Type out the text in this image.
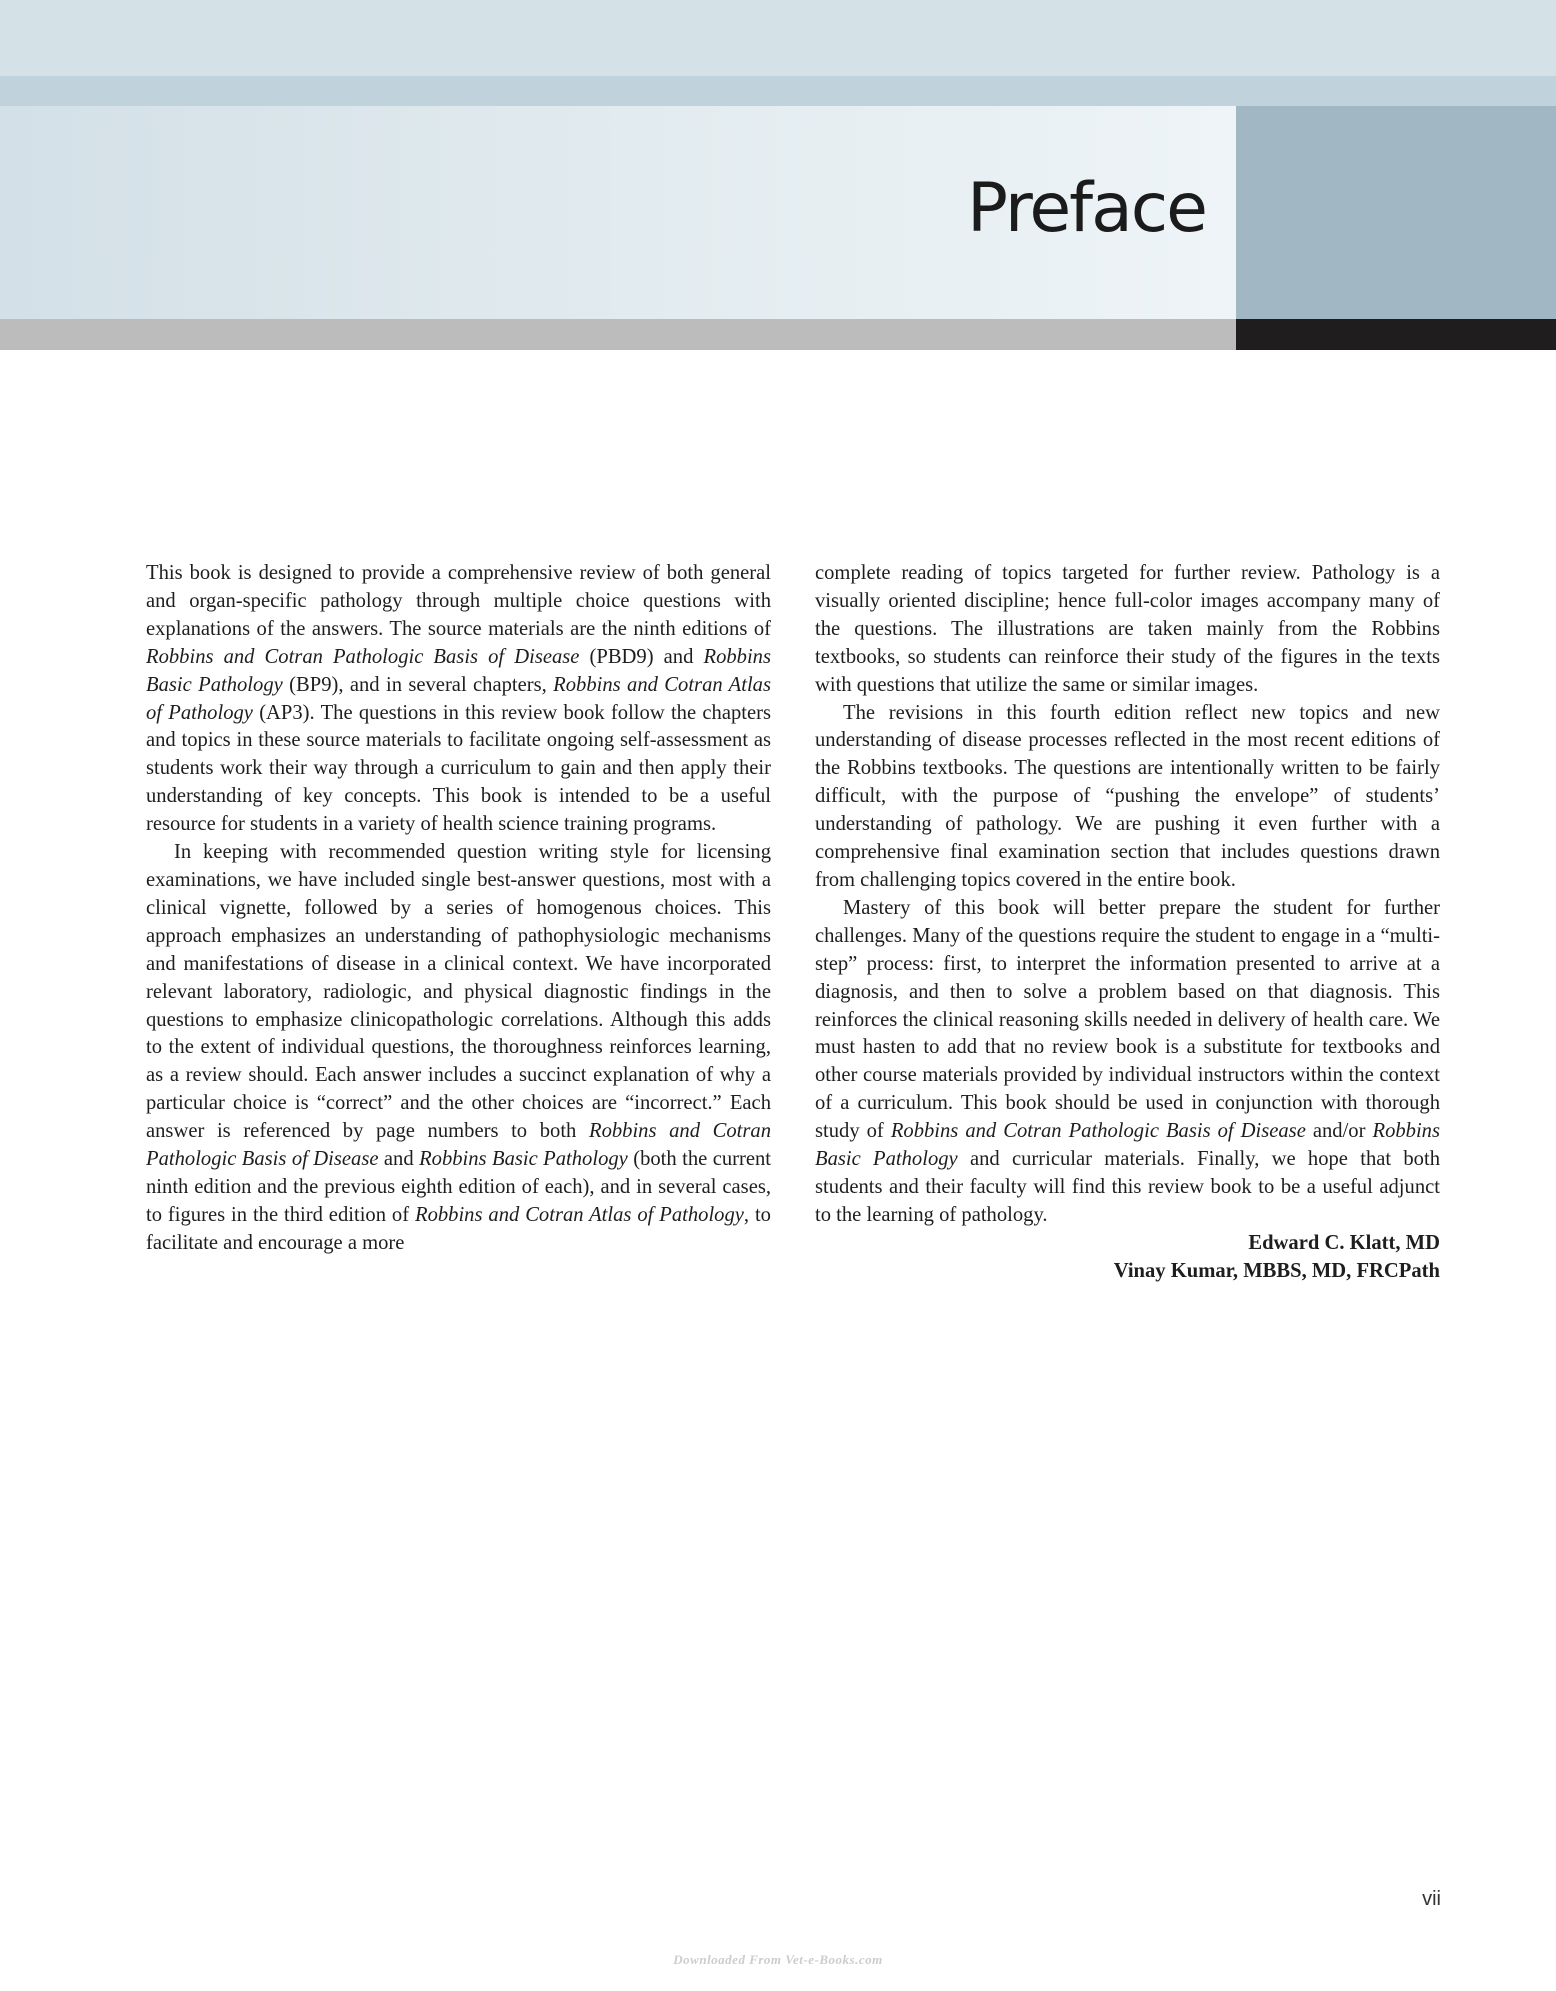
Preface

This book is designed to provide a comprehensive review of both general and organ-specific pathology through multiple choice questions with explanations of the answers. The source materials are the ninth editions of Robbins and Cotran Pathologic Basis of Disease (PBD9) and Robbins Basic Pathology (BP9), and in several chapters, Robbins and Cotran Atlas of Pathology (AP3). The questions in this review book follow the chapters and topics in these source materials to facilitate ongoing self-assessment as students work their way through a curriculum to gain and then apply their understanding of key concepts. This book is intended to be a useful resource for students in a variety of health science training programs.

In keeping with recommended question writing style for licensing examinations, we have included single best-answer questions, most with a clinical vignette, followed by a series of homogenous choices. This approach emphasizes an understanding of pathophysiologic mechanisms and manifestations of disease in a clinical context. We have incorporated relevant laboratory, radiologic, and physical diagnostic findings in the questions to emphasize clinicopathologic correlations. Although this adds to the extent of individual questions, the thoroughness reinforces learning, as a review should. Each answer includes a succinct explanation of why a particular choice is “correct” and the other choices are “incorrect.” Each answer is referenced by page numbers to both Robbins and Cotran Pathologic Basis of Disease and Robbins Basic Pathology (both the current ninth edition and the previous eighth edition of each), and in several cases, to figures in the third edition of Robbins and Cotran Atlas of Pathology, to facilitate and encourage a more

complete reading of topics targeted for further review. Pathology is a visually oriented discipline; hence full-color images accompany many of the questions. The illustrations are taken mainly from the Robbins textbooks, so students can reinforce their study of the figures in the texts with questions that utilize the same or similar images.

The revisions in this fourth edition reflect new topics and new understanding of disease processes reflected in the most recent editions of the Robbins textbooks. The questions are intentionally written to be fairly difficult, with the purpose of “pushing the envelope” of students’ understanding of pathology. We are pushing it even further with a comprehensive final examination section that includes questions drawn from challenging topics covered in the entire book.

Mastery of this book will better prepare the student for further challenges. Many of the questions require the student to engage in a “multi-step” process: first, to interpret the information presented to arrive at a diagnosis, and then to solve a problem based on that diagnosis. This reinforces the clinical reasoning skills needed in delivery of health care. We must hasten to add that no review book is a substitute for textbooks and other course materials provided by individual instructors within the context of a curriculum. This book should be used in conjunction with thorough study of Robbins and Cotran Pathologic Basis of Disease and/or Robbins Basic Pathology and curricular materials. Finally, we hope that both students and their faculty will find this review book to be a useful adjunct to the learning of pathology.

Edward C. Klatt, MD

Vinay Kumar, MBBS, MD, FRCPath

vii
Downloaded From Vet-e-Books.com
